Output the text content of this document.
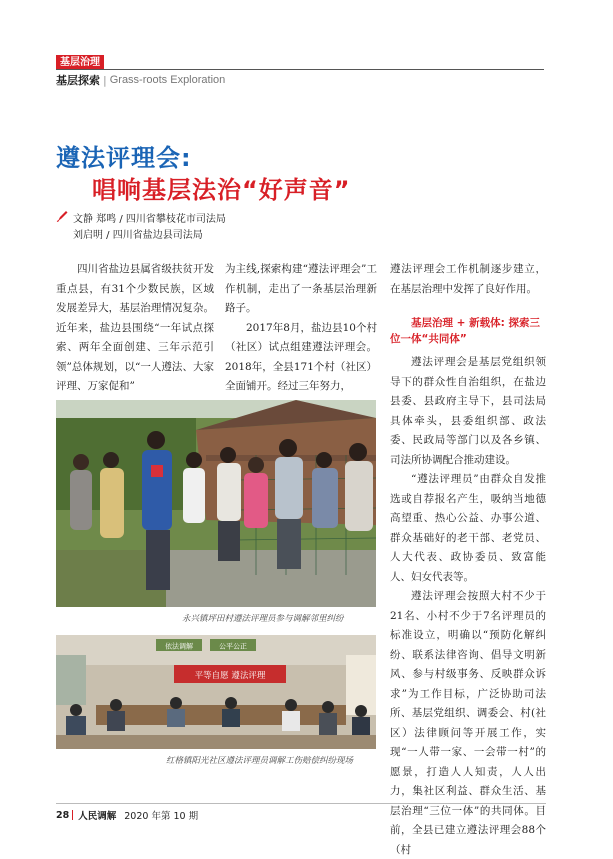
基层治理
基层探索 | Grass-roots Exploration
遵法评理会:
唱响基层法治“好声音”
文静 郑鸣 / 四川省攀枝花市司法局
刘启明 / 四川省盐边县司法局

四川省盐边县属省级扶贫开发重点县，有31个少数民族，区域发展差异大，基层治理情况复杂。近年来，盐边县围绕“一年试点探索、两年全面创建、三年示范引领”总体规划，以“一人遵法、大家评理、万家促和”

为主线,探索构建“遵法评理会”工作机制，走出了一条基层治理新路子。

2017年8月，盐边县10个村（社区）试点组建遵法评理会。2018年，全县171个村（社区）全面铺开。经过三年努力，

遵法评理会工作机制逐步建立，在基层治理中发挥了良好作用。

基层治理 + 新载体: 探索三位一体“共同体”

遵法评理会是基层党组织领导下的群众性自治组织，在盐边县委、县政府主导下，县司法局具体牵头，县委组织部、政法委、民政局等部门以及各乡镇、司法所协调配合推动建设。

“遵法评理员”由群众自发推选或自荐报名产生，吸纳当地德高望重、热心公益、办事公道、群众基础好的老干部、老党员、人大代表、政协委员、致富能人、妇女代表等。

遵法评理会按照大村不少于21名、小村不少于7名评理员的标准设立，明确以“预防化解纠纷、联系法律咨询、倡导文明新风、参与村级事务、反映群众诉求”为工作目标，广泛协助司法所、基层党组织、调委会、村(社区）法律顾问等开展工作，实现“一人带一家、一会带一村”的愿景，打造人人知责，人人出力，集社区利益、群众生活、基层治理“三位一体”的共同体。目前，全县已建立遵法评理会88个（村

永兴镇坪田村遵法评理员参与调解邻里纠纷
依法调解	公平公正
平等自愿 遵法评理
红格镇阳光社区遵法评理员调解工伤赔偿纠纷现场
28 人民调解 2020 年第 10 期
